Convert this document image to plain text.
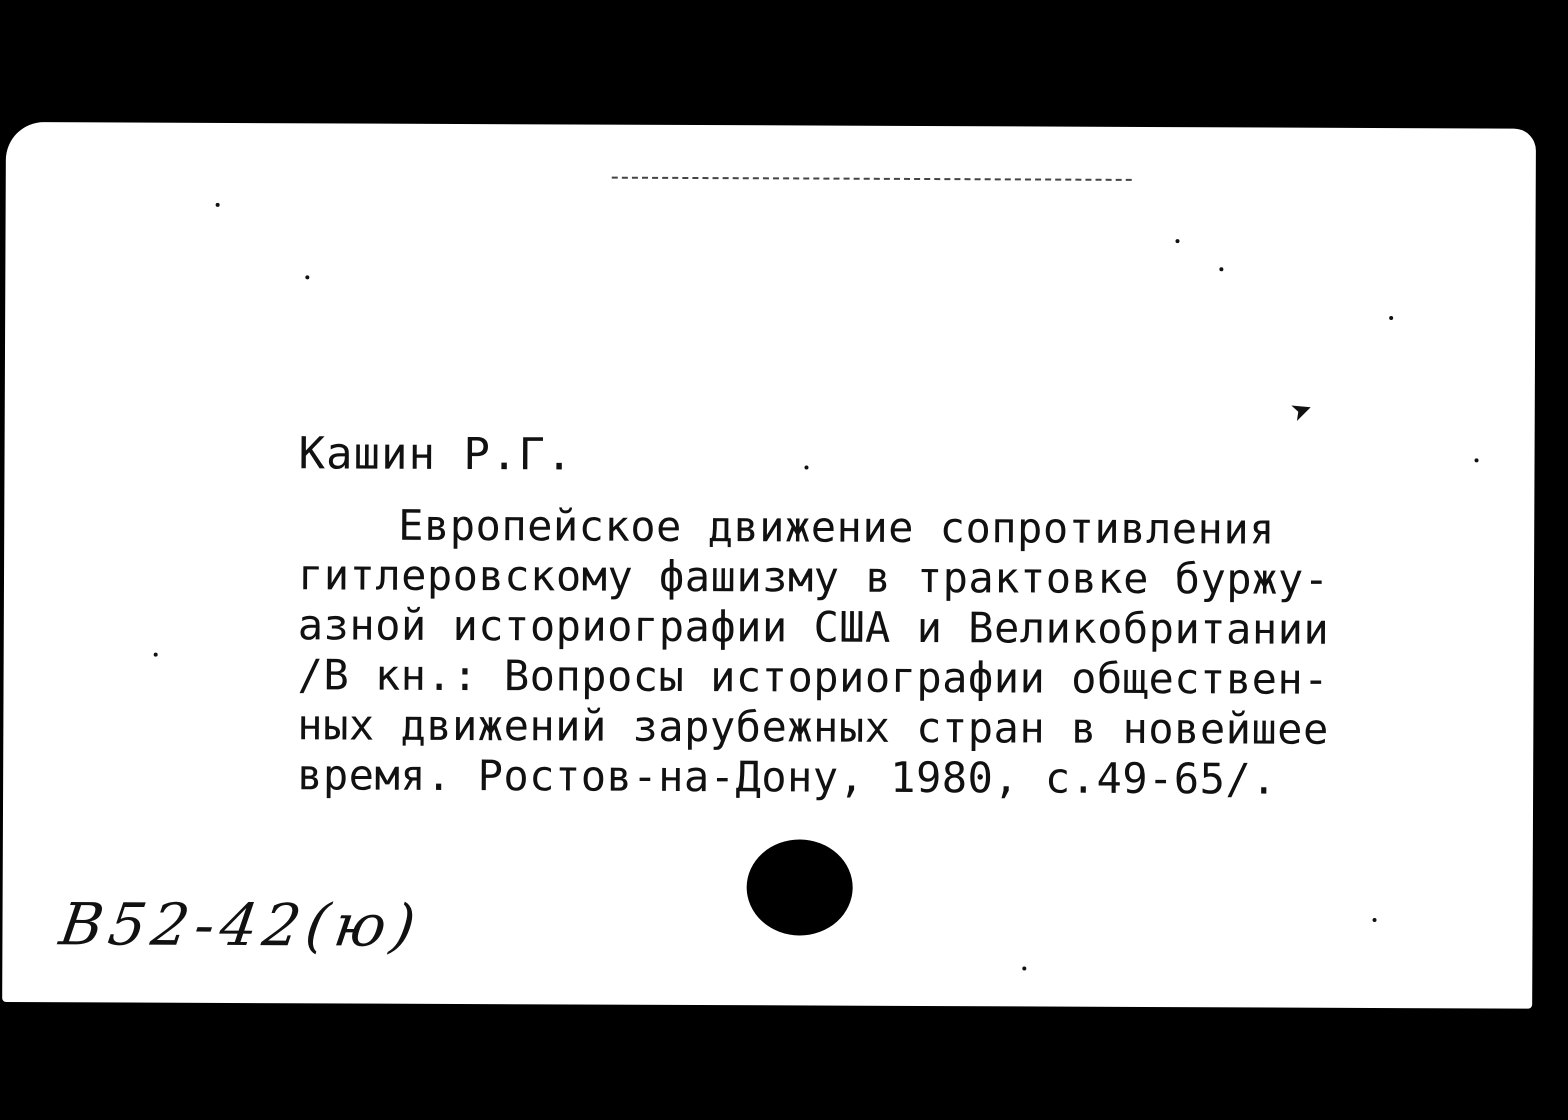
➤
Кашин Р.Г.
Европейское движение сопротивления
гитлеровскому фашизму в трактовке буржу-
азной историографии США и Великобритании
/В кн.: Вопросы историографии обществен-
ных движений зарубежных стран в новейшее
время. Ростов-на-Дону, 1980, с.49-65/.
В52-42(ю)
